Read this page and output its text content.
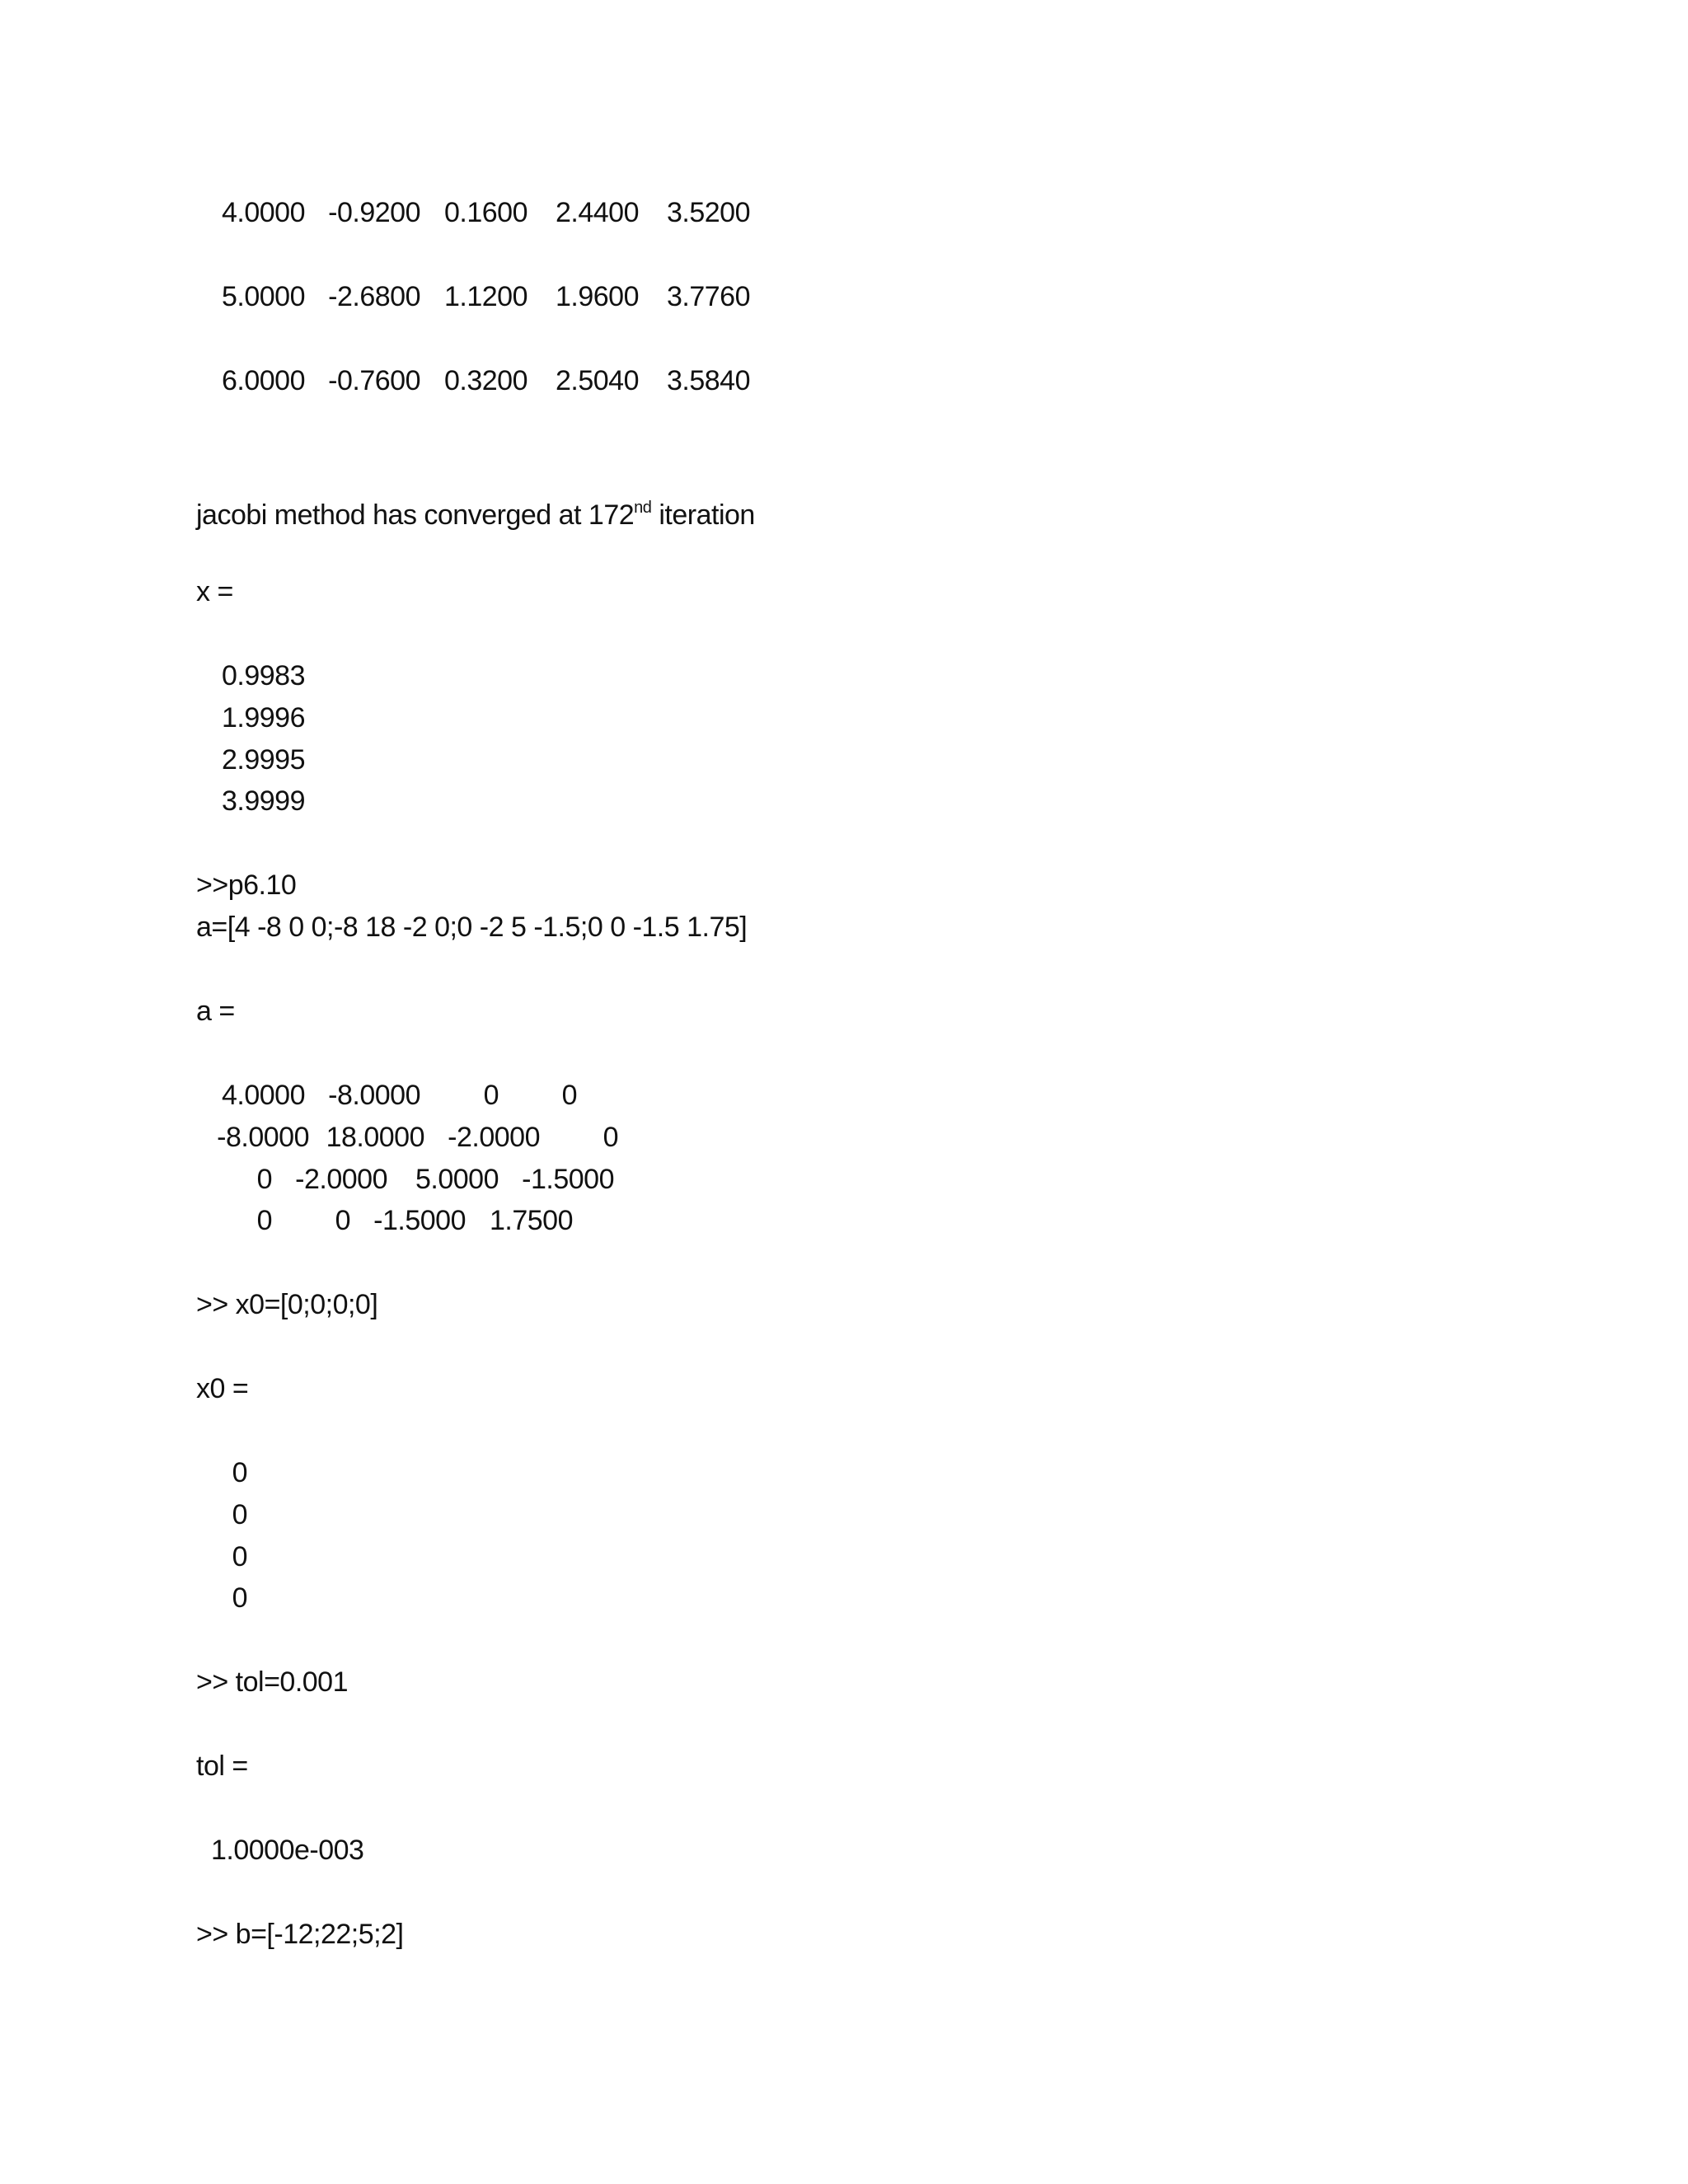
4.0000 -0.9200 0.1600	2.4400	3.5200
5.0000 -2.6800 1.1200	1.9600	3.7760
6.0000 -0.7600 0.3200	2.5040	3.5840
jacobi method has converged at 172nd iteration
x =
0.9983
1.9996
2.9995
3.9999
>>p6.10
a=[4 -8 0 0;-8 18 -2 0;0 -2 5 -1.5;0 0 -1.5 1.75]
a =
4.0000 -8.0000	0	0
-8.0000 18.0000 -2.0000	0
0 -2.0000	5.0000 -1.5000
0	0 -1.5000 1.7500
>> x0=[0;0;0;0]
x0 =
0
0
0
0
>> tol=0.001
tol =
1.0000e-003
>> b=[-12;22;5;2]
